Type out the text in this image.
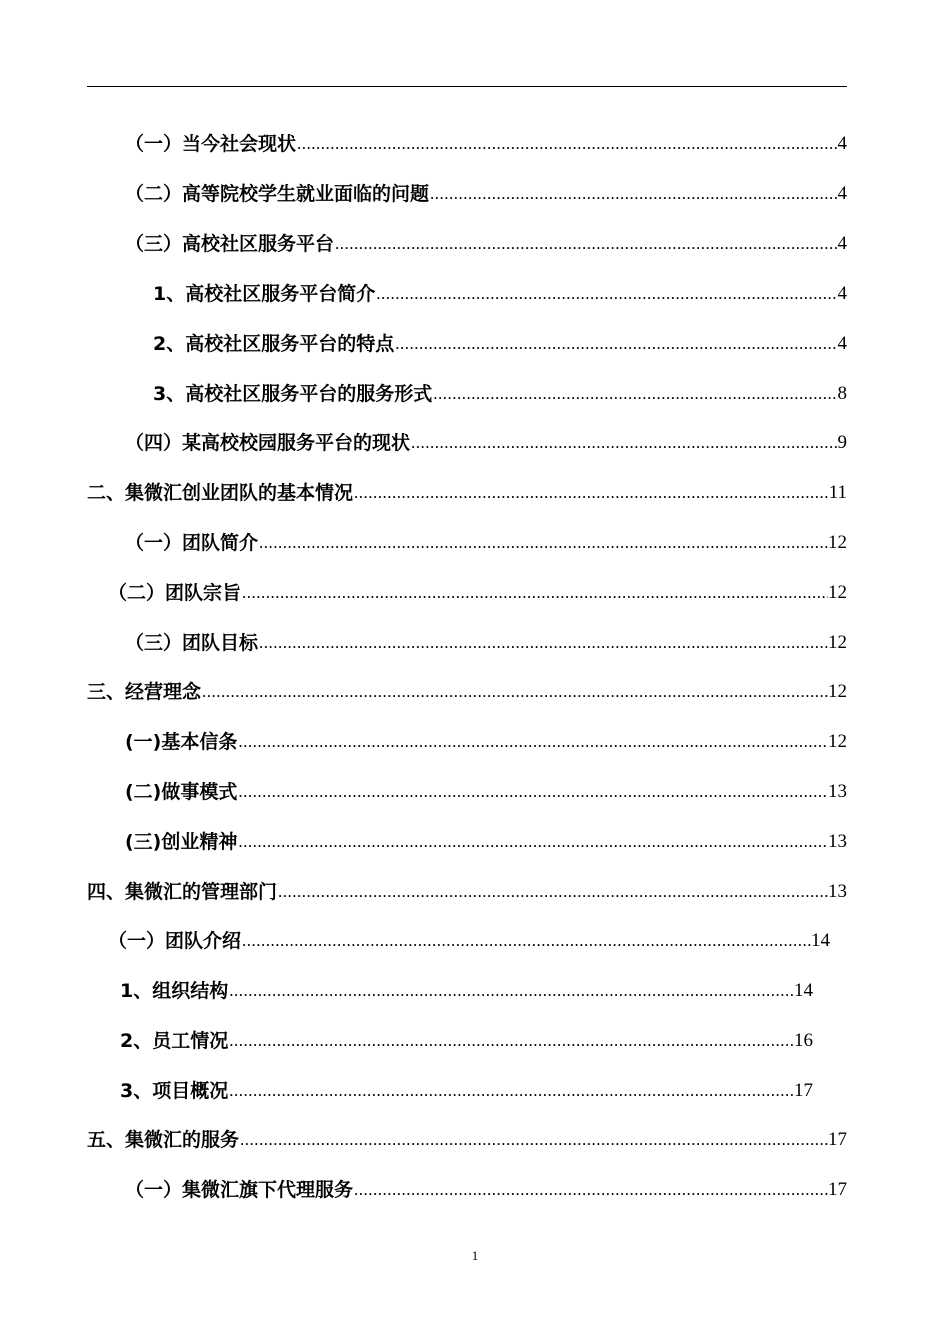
（一）当今社会现状 .....	4
（二）高等院校学生就业面临的问题 .....	4
（三）高校社区服务平台 .....	4
1、高校社区服务平台简介 .....	4
2、高校社区服务平台的特点 .....	4
3、高校社区服务平台的服务形式 .....	8
（四）某高校校园服务平台的现状 .....	9
二、集微汇创业团队的基本情况 .....	11
（一）团队简介 .....	12
（二）团队宗旨 .....	12
（三）团队目标 .....	12
三、经营理念 .....	12
(一)基本信条 .....	12
(二)做事模式 .....	13
(三)创业精神 .....	13
四、集微汇的管理部门 .....	13
（一）团队介绍 .....	14
1、组织结构 .....	14
2、员工情况 .....	16
3、项目概况 .....	17
五、集微汇的服务 .....	17
（一）集微汇旗下代理服务 .....	17
1
